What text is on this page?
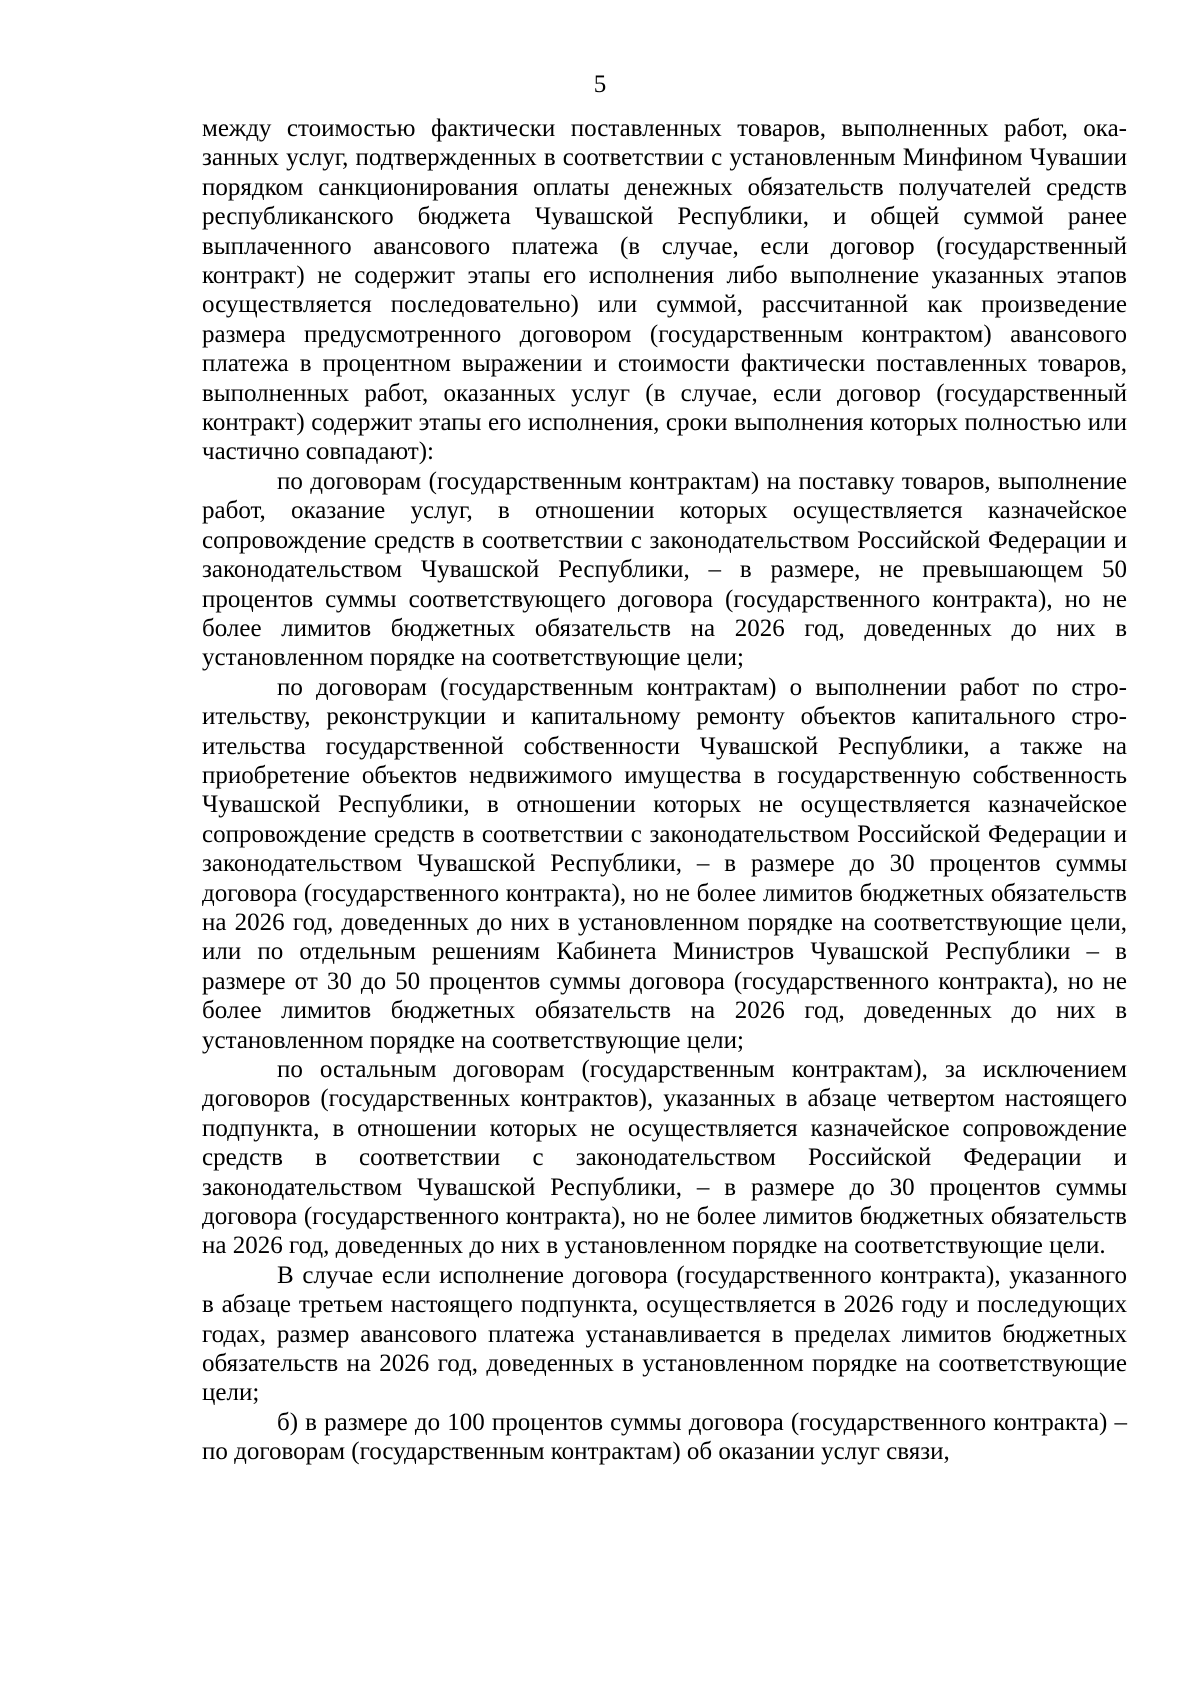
5

между стоимостью фактически поставленных товаров, выполненных работ, оказанных услуг, подтвержденных в соответствии с установленным Минфином Чувашии порядком санкционирования оплаты денежных обязательств получателей средств республиканского бюджета Чувашской Республики, и общей суммой ранее выплаченного авансового платежа (в случае, если договор (государственный контракт) не содержит этапы его исполнения либо выполнение указанных этапов осуществляется последовательно) или суммой, рассчитанной как произведение размера предусмотренного договором (государственным контрактом) авансового платежа в процентном выражении и стоимости фактически поставленных товаров, выполненных работ, оказанных услуг (в случае, если договор (государственный контракт) содержит этапы его исполнения, сроки выполнения которых полностью или частично совпадают):

по договорам (государственным контрактам) на поставку товаров, выполнение работ, оказание услуг, в отношении которых осуществляется казначейское сопровождение средств в соответствии с законодательством Российской Федерации и законодательством Чувашской Республики, – в размере, не превышающем 50 процентов суммы соответствующего договора (государственного контракта), но не более лимитов бюджетных обязательств на 2026 год, доведенных до них в установленном порядке на соответствующие цели;

по договорам (государственным контрактам) о выполнении работ по строительству, реконструкции и капитальному ремонту объектов капитального строительства государственной собственности Чувашской Республики, а также на приобретение объектов недвижимого имущества в государственную собственность Чувашской Республики, в отношении которых не осуществляется казначейское сопровождение средств в соответствии с законодательством Российской Федерации и законодательством Чувашской Республики, – в размере до 30 процентов суммы договора (государственного контракта), но не более лимитов бюджетных обязательств на 2026 год, доведенных до них в установленном порядке на соответствующие цели, или по отдельным решениям Кабинета Министров Чувашской Республики – в размере от 30 до 50 процентов суммы договора (государственного контракта), но не более лимитов бюджетных обязательств на 2026 год, доведенных до них в установленном порядке на соответствующие цели;

по остальным договорам (государственным контрактам), за исключением договоров (государственных контрактов), указанных в абзаце четвертом настоящего подпункта, в отношении которых не осуществляется казначейское сопровождение средств в соответствии с законодательством Российской Федерации и законодательством Чувашской Республики, – в размере до 30 процентов суммы договора (государственного контракта), но не более лимитов бюджетных обязательств на 2026 год, доведенных до них в установленном порядке на соответствующие цели.

В случае если исполнение договора (государственного контракта), указанного в абзаце третьем настоящего подпункта, осуществляется в 2026 году и последующих годах, размер авансового платежа устанавливается в пределах лимитов бюджетных обязательств на 2026 год, доведенных в установленном порядке на соответствующие цели;

б) в размере до 100 процентов суммы договора (государственного контракта) – по договорам (государственным контрактам) об оказании услуг связи,
